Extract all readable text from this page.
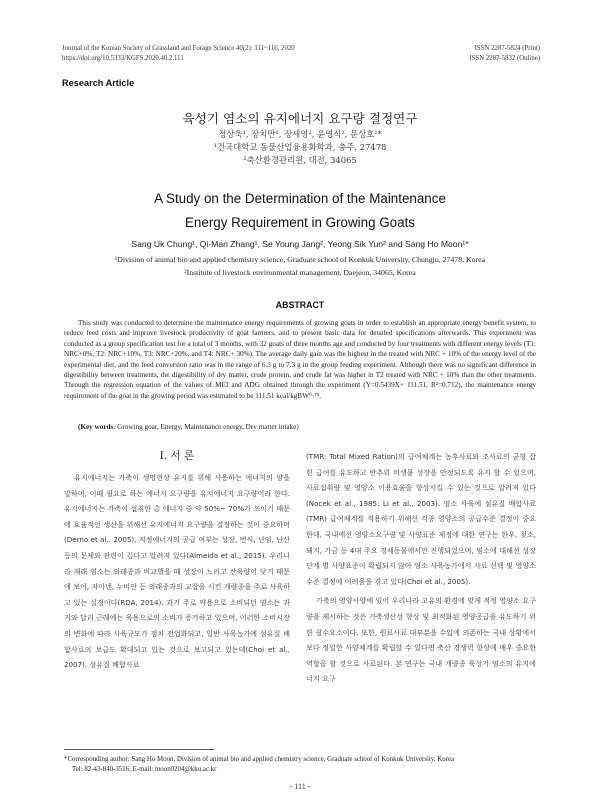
Journal of the Korean Society of Grassland and Forage Science 40(2): 111~116, 2020	ISSN 2287-5824 (Print)
https://doi.org/10.5333/KGFS.2020.40.2.111	ISSN 2287-5832 (Online)
Research Article
육성기 염소의 유지에너지 요구량 결정연구
정상욱¹, 장치만¹, 장세영², 윤영식², 문상호¹*
¹건국대학교 동물산업융용화학과, 충주, 27478
²축산환경관리원, 대전, 34065
A Study on the Determination of the Maintenance
Energy Requirement in Growing Goats
Sang Uk Chung¹, Qi-Man Zhang¹, Se Young Jang², Yeong Sik Yun² and Sang Ho Moon¹*
¹Division of animal bio and applied chemistry science, Graduate school of Konkuk University, Chungju, 27478, Korea
²Institute of livestock environmental management, Daejeon, 34065, Korea
ABSTRACT
This study was conducted to determine the maintenance energy requirements of growing goats in order to establish an appropriate energy benefit system, to reduce feed costs and improve livestock productivity of goat farmers, and to present basic data for detailed specifications afterwards. This experiment was conducted as a group specification test for a total of 3 months, with 32 goats of three months age and conducted by four treatments with different energy levels (T1: NRC+0%, T2: NRC+10%, T3: NRC+20%, and T4: NRC+ 30%). The average daily gain was the highest in the treated with NRC + 10% of the energy level of the experimental diet, and the feed conversion ratio was in the range of 6.3 g to 7.3 g in the group feeding experiment. Although there was no significant difference in digestibility between treatments, the digestibility of dry matter, crude protein, and crude fat was higher in T2 treated with NRC + 10% than the other treatments. Through the regression equation of the values of MEI and ADG obtained through the experiment (Y=0.5439X+ 111.51, R²=0.712), the maintenance energy requirement of the goat in the growing period was estimated to be 111.51 kcal/kgBW⁰·⁷⁵.
(Key words: Growing goat, Energy, Maintenance energy, Dry matter intake)
Ⅰ. 서 론

유지에너지는 가축이 생명현상 유지를 위해 사용하는 에너지의 양을 말하며, 이때 필요로 하는 에너지 요구량을 유지에너지 요구량이라 한다. 유지에너지는 가축이 섭취한 총 에너지 중 약 50%~ 70%가 쓰이기 때문에 효율적인 생산을 위해선 유지에너지 요구량을 결정하는 것이 중요하며(Derno et al,. 2005), 적정에너지의 공급 여부는 성장, 번식, 난임, 난산 등의 문제와 관련이 깊다고 알려져 있다(Almeida et al., 2015). 우리나라 재래 염소는 외래종과 비교했을 때 성장이 느리고 산육량이 낮기 때문에 보어, 자아넨, 누비안 등 외래종과의 교잡을 시킨 개량종을 주로 사육하고 있는 실정이다(RDA, 2014). 과거 주로 약용으로 소비되던 염소는 과거와 달리 근래에는 육용으로의 소비가 증가하고 있으며, 이러한 소비시장의 변화에 따라 사육규모가 점차 전업화되고, 일반 사육농가에 섬유질 배합사료의 보급도 확대되고 있는 것으로 보고되고 있는데(Choi et al., 2007), 섬유질 배합사료

(TMR: Total Mixed Ration)의 급여체계는 농후사료와 조사료의 균형 잡힌 급여를 유도하고 반추위 미생물 성장을 안정되도록 유지 할 수 있으며, 사료섭취량 및 영양소 이용효율을 향상시킬 수 있는 것으로 알려져 있다(Nocek et al., 1985: Li et al., 2003). 염소 사육에 섬유질 배합사료(TMR) 급여체계를 적용하기 위해선 각종 영양소의 공급수준 결정이 중요한데, 국내에선 영양소요구량 및 사양표준 제정에 대한 연구는 한우, 젖소, 돼지, 가금 등 4대 주요 경제동물에서만 진행되었으며, 염소에 대해선 성장단계 별 사양표준이 확립되지 않아 염소 사육농가에서 사료 선택 및 영양소 수준 결정에 어려움을 겪고 있다(Choi et al., 2005).

가축의 영양사양에 있어 우리나라 고유의 환경에 맞게 적정 영양소 요구량을 제시하는 것은 가축생산성 향상 및 최적화된 영양공급을 유도하기 위한 필수요소이다. 또한, 원료사료 대부분을 수입에 의존하는 국내 상황에서 보다 정밀한 사양체계를 확립할 수 있다면 축산 경쟁력 향상에 매우 중요한 역할을 할 것으로 사료된다. 본 연구는 국내 개량종 육성기 염소의 유지에너지 요구

*Corresponding author: Sang Ho Moon, Division of animal bio and applied chemistry science, Graduate school of Konkuk University, Korea
Tel: 82-43-840-3516, E-mail: moon0204@kku.ac.kr
- 111 -
